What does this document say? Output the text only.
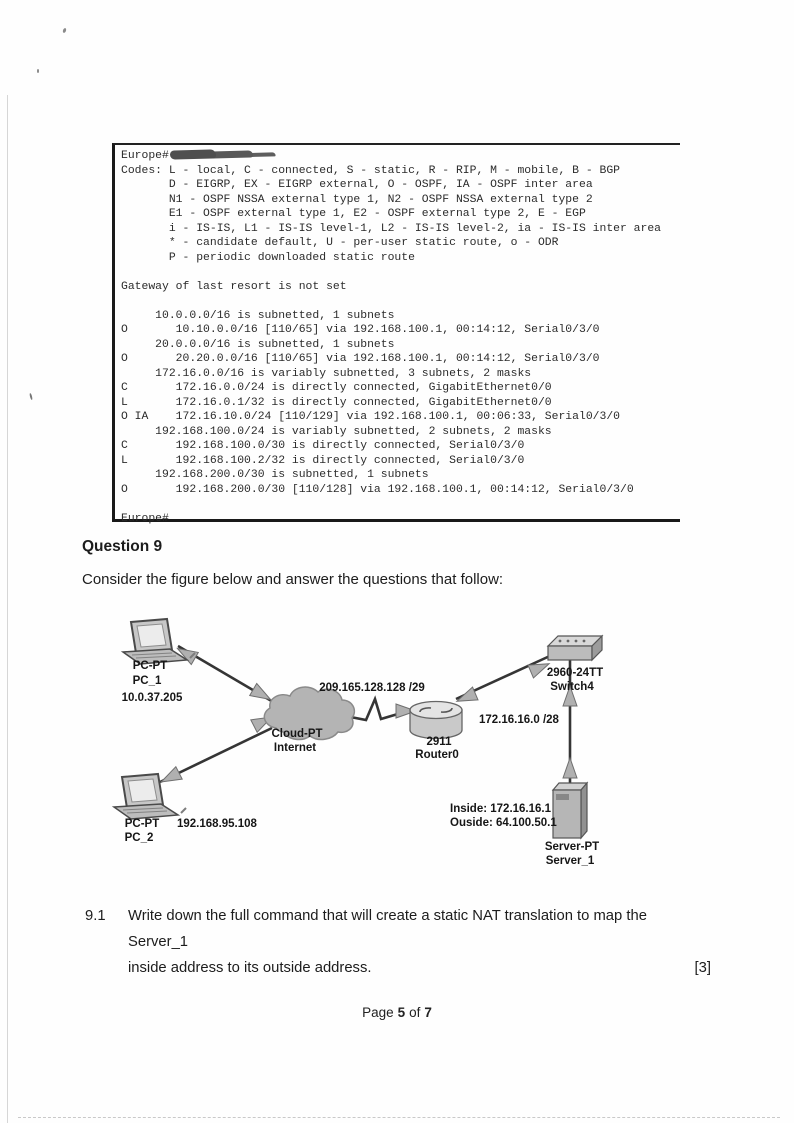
Europe#
Codes: L - local, C - connected, S - static, R - RIP, M - mobile, B - BGP
D - EIGRP, EX - EIGRP external, O - OSPF, IA - OSPF inter area
N1 - OSPF NSSA external type 1, N2 - OSPF NSSA external type 2
E1 - OSPF external type 1, E2 - OSPF external type 2, E - EGP
i - IS-IS, L1 - IS-IS level-1, L2 - IS-IS level-2, ia - IS-IS inter area
* - candidate default, U - per-user static route, o - ODR
P - periodic downloaded static route
Gateway of last resort is not set
10.0.0.0/16 is subnetted, 1 subnets
O       10.10.0.0/16 [110/65] via 192.168.100.1, 00:14:12, Serial0/3/0
20.0.0.0/16 is subnetted, 1 subnets
O       20.20.0.0/16 [110/65] via 192.168.100.1, 00:14:12, Serial0/3/0
172.16.0.0/16 is variably subnetted, 3 subnets, 2 masks
C       172.16.0.0/24 is directly connected, GigabitEthernet0/0
L       172.16.0.1/32 is directly connected, GigabitEthernet0/0
O IA    172.16.10.0/24 [110/129] via 192.168.100.1, 00:06:33, Serial0/3/0
192.168.100.0/24 is variably subnetted, 2 subnets, 2 masks
C       192.168.100.0/30 is directly connected, Serial0/3/0
L       192.168.100.2/32 is directly connected, Serial0/3/0
192.168.200.0/30 is subnetted, 1 subnets
O       192.168.200.0/30 [110/128] via 192.168.100.1, 00:14:12, Serial0/3/0
Europe#
Question 9

Consider the figure below and answer the questions that follow:

PC-PT
PC_1
10.0.37.205
PC-PT
PC_2
192.168.95.108
Cloud-PT
Internet
209.165.128.128 /29
2911
Router0
172.16.16.0 /28
2960-24TT
Switch4
Inside: 172.16.16.1
Ouside: 64.100.50.1
Server-PT
Server_1
9.1	Write down the full command that will create a static NAT translation to map the Server_1
inside address to its outside address.	[3]
Page 5 of 7
